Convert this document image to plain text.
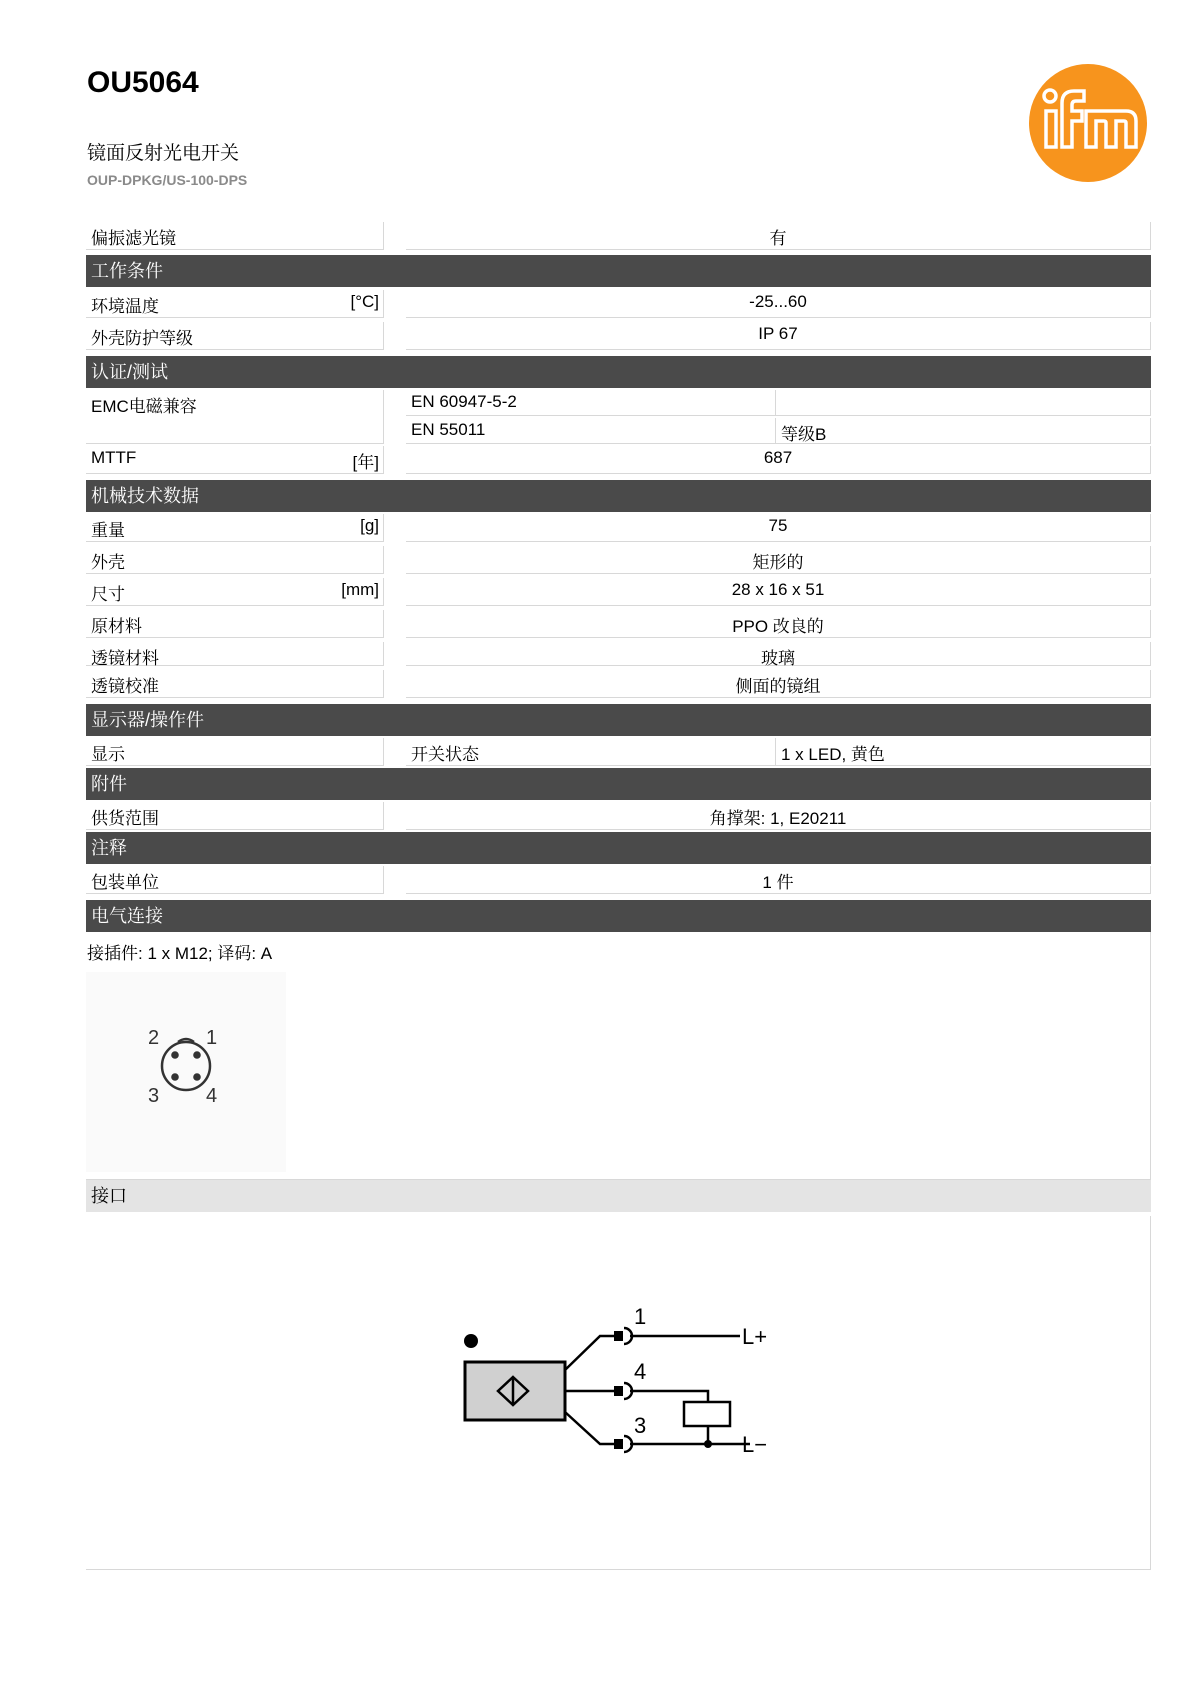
OU5064
镜面反射光电开关
OUP-DPKG/US-100-DPS
偏振滤光镜	有
工作条件
环境温度	[°C]	-25...60
外壳防护等级	IP 67
认证/测试
EMC电磁兼容	EN 60947-5-2
EN 55011	等级B
MTTF	[年]	687
机械技术数据
重量	[g]	75
外壳	矩形的
尺寸	[mm]	28 x 16 x 51
原材料	PPO 改良的
透镜材料	玻璃
透镜校准	侧面的镜组
显示器/操作件
显示	开关状态	1 x LED, 黄色
附件
供货范围	角撑架: 1, E20211
注释
包装单位	1 件
电气连接
接插件: 1 x M12; 译码: A
1
2
3 4
接口
1
4
3
L+
L−
